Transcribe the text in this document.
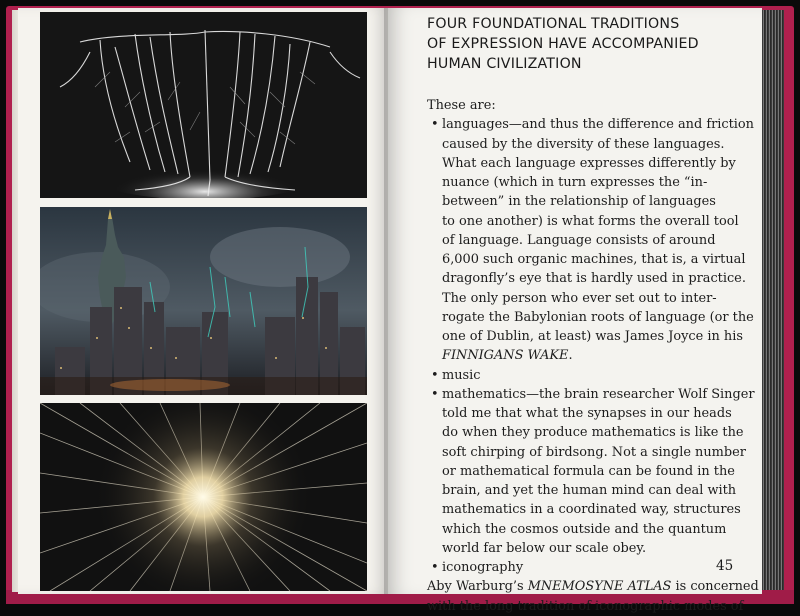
FOUR FOUNDATIONAL TRADITIONS
OF EXPRESSION HAVE ACCOMPANIED
HUMAN CIVILIZATION
These are:
• languages—and thus the difference and friction
caused by the diversity of these languages.
What each language expresses differently by
nuance (which in turn expresses the “in-
between” in the relationship of languages
to one another) is what forms the overall tool
of language. Language consists of around
6,000 such organic machines, that is, a virtual
dragonfly’s eye that is hardly used in practice.
The only person who ever set out to inter-
rogate the Babylonian roots of language (or the
one of Dublin, at least) was James Joyce in his
FINNIGANS WAKE.
• music
• mathematics—the brain researcher Wolf Singer
told me that what the synapses in our heads
do when they produce mathematics is like the
soft chirping of birdsong. Not a single number
or mathematical formula can be found in the
brain, and yet the human mind can deal with
mathematics in a coordinated way, structures
which the cosmos outside and the quantum
world far below our scale obey.
• iconography
Aby Warburg’s MNEMOSYNE ATLAS is concerned
with the long tradition of iconographic modes of
45
